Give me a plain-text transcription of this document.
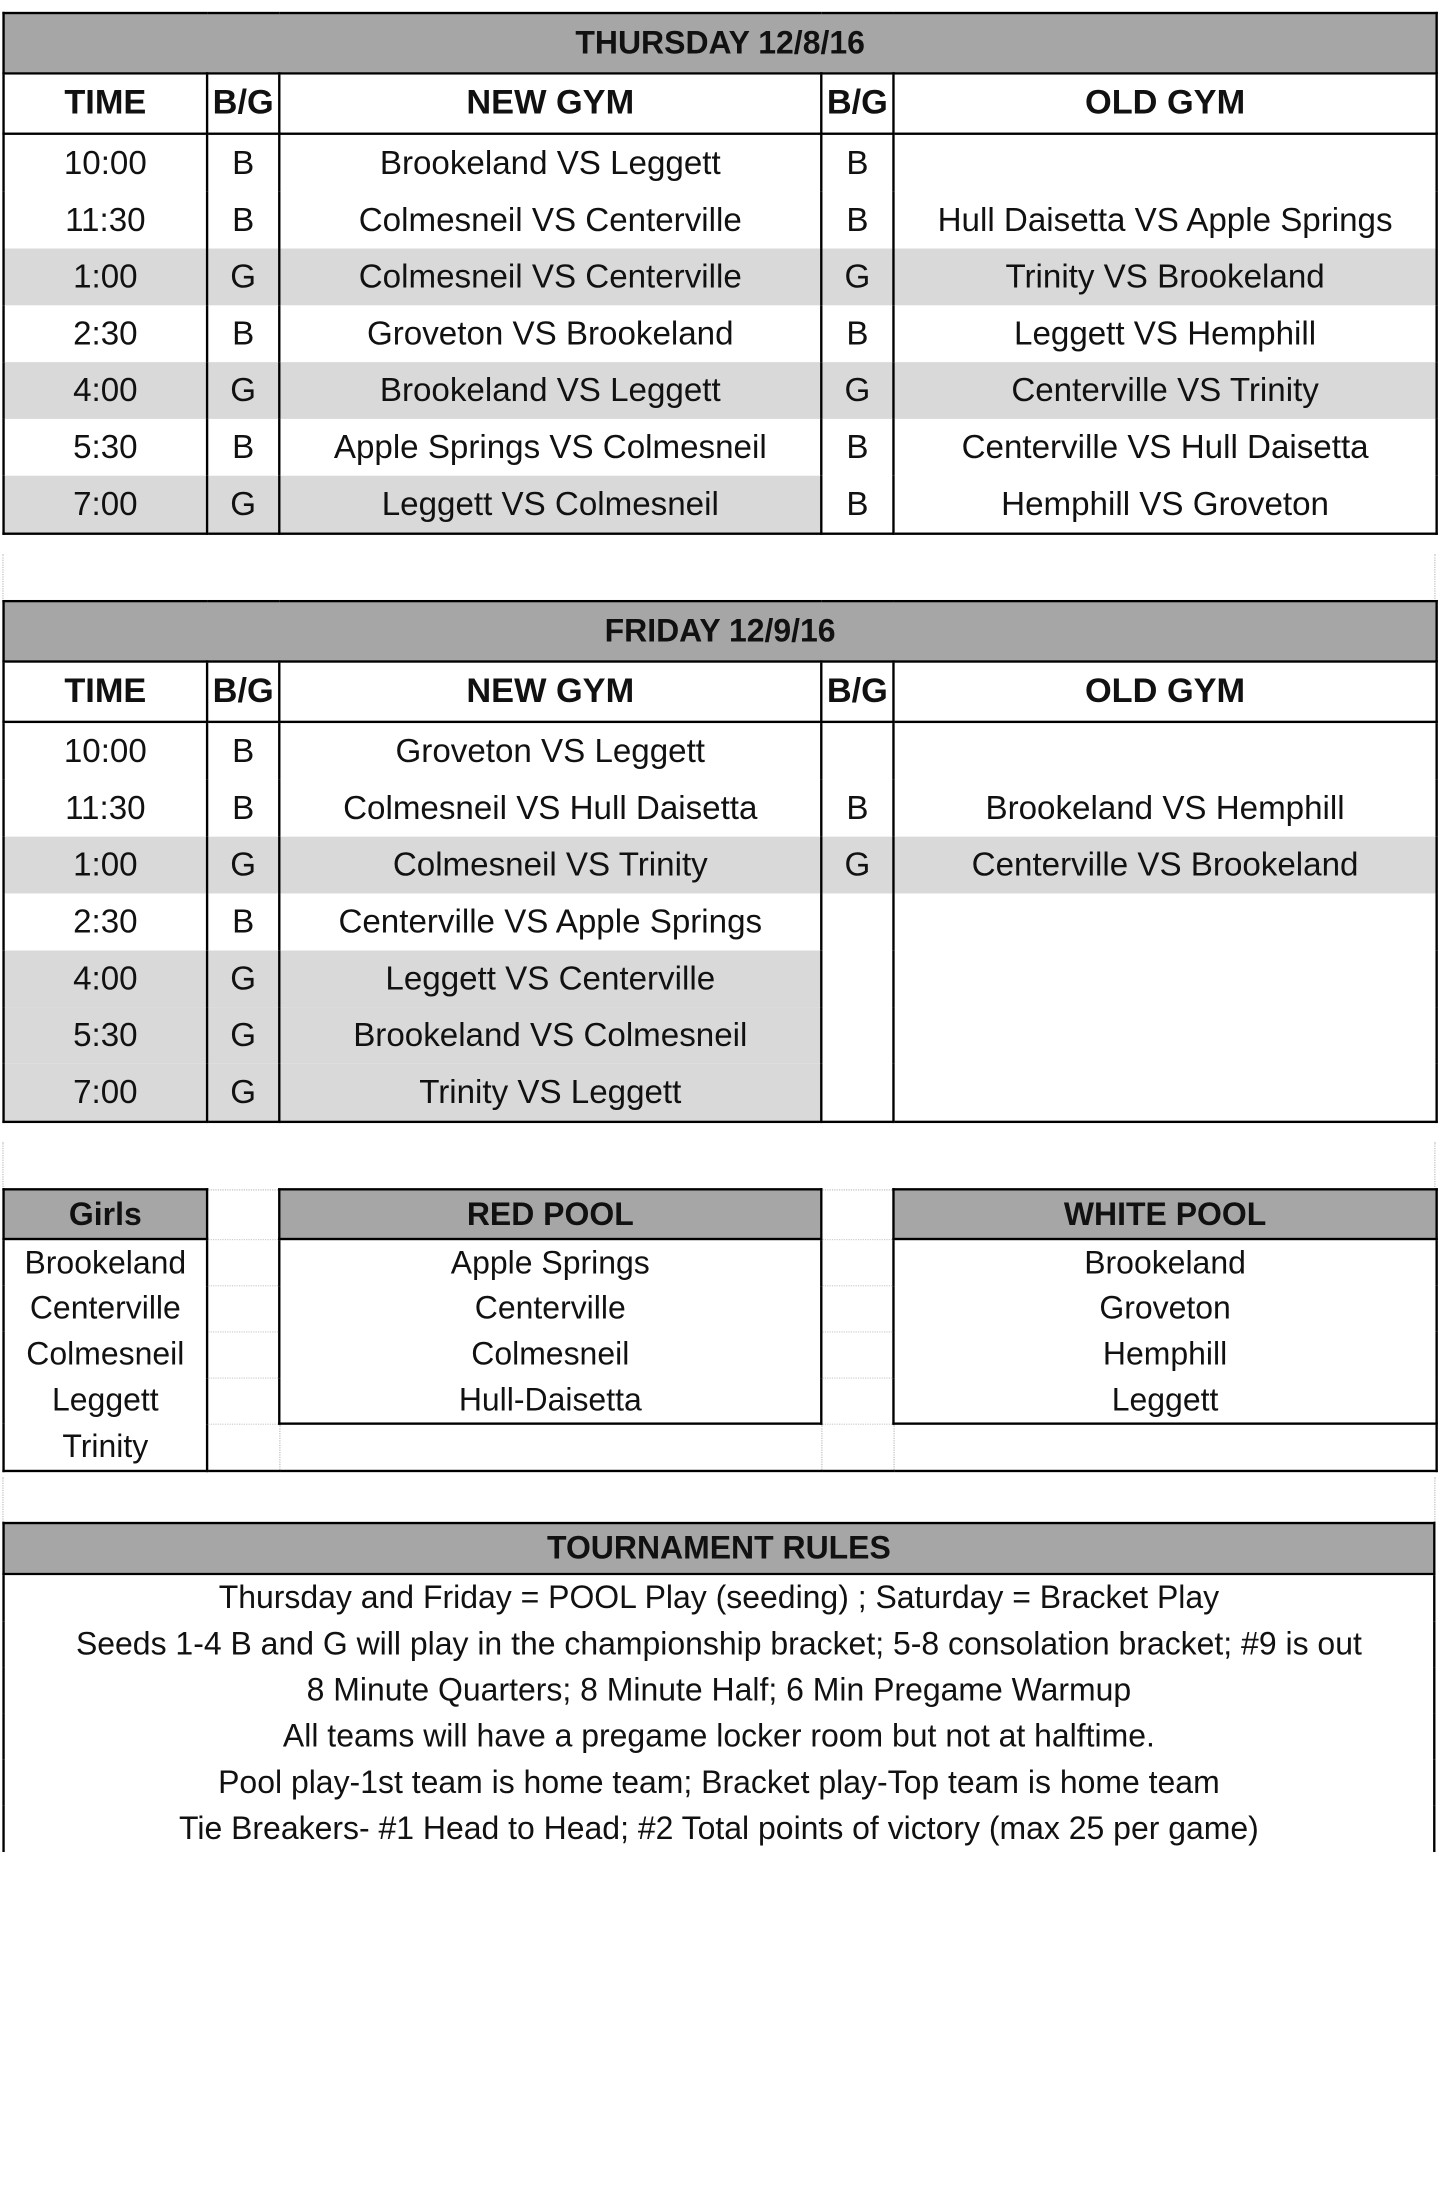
THURSDAY 12/8/16				
TIME	B/G	NEW GYM	B/G	OLD GYM
10:00	B	Brookeland VS Leggett	B	
11:30	B	Colmesneil VS Centerville	B	Hull Daisetta VS Apple Springs
1:00	G	Colmesneil VS Centerville	G	Trinity VS Brookeland
2:30	B	Groveton VS Brookeland	B	Leggett VS Hemphill
4:00	G	Brookeland VS Leggett	G	Centerville VS Trinity
5:30	B	Apple Springs VS Colmesneil	B	Centerville VS Hull Daisetta
7:00	G	Leggett VS Colmesneil	B	Hemphill VS Groveton
FRIDAY 12/9/16				
TIME	B/G	NEW GYM	B/G	OLD GYM
10:00	B	Groveton VS Leggett		
11:30	B	Colmesneil VS Hull Daisetta	B	Brookeland VS Hemphill
1:00	G	Colmesneil VS Trinity	G	Centerville VS Brookeland
2:30	B	Centerville VS Apple Springs		
4:00	G	Leggett VS Centerville		
5:30	G	Brookeland VS Colmesneil		
7:00	G	Trinity VS Leggett		
Girls		RED POOL		WHITE POOL
Brookeland		Apple Springs		Brookeland
Centerville		Centerville		Groveton
Colmesneil		Colmesneil		Hemphill
Leggett		Hull-Daisetta		Leggett
Trinity				
TOURNAMENT RULES
Thursday and Friday = POOL Play (seeding) ; Saturday = Bracket Play
Seeds 1-4 B and G will play in the championship bracket; 5-8 consolation bracket; #9 is out
8 Minute Quarters; 8 Minute Half; 6 Min Pregame Warmup
All teams will have a pregame locker room but not at halftime.
Pool play-1st team is home team; Bracket play-Top team is home team
Tie Breakers- #1 Head to Head; #2 Total points of victory (max 25 per game)
